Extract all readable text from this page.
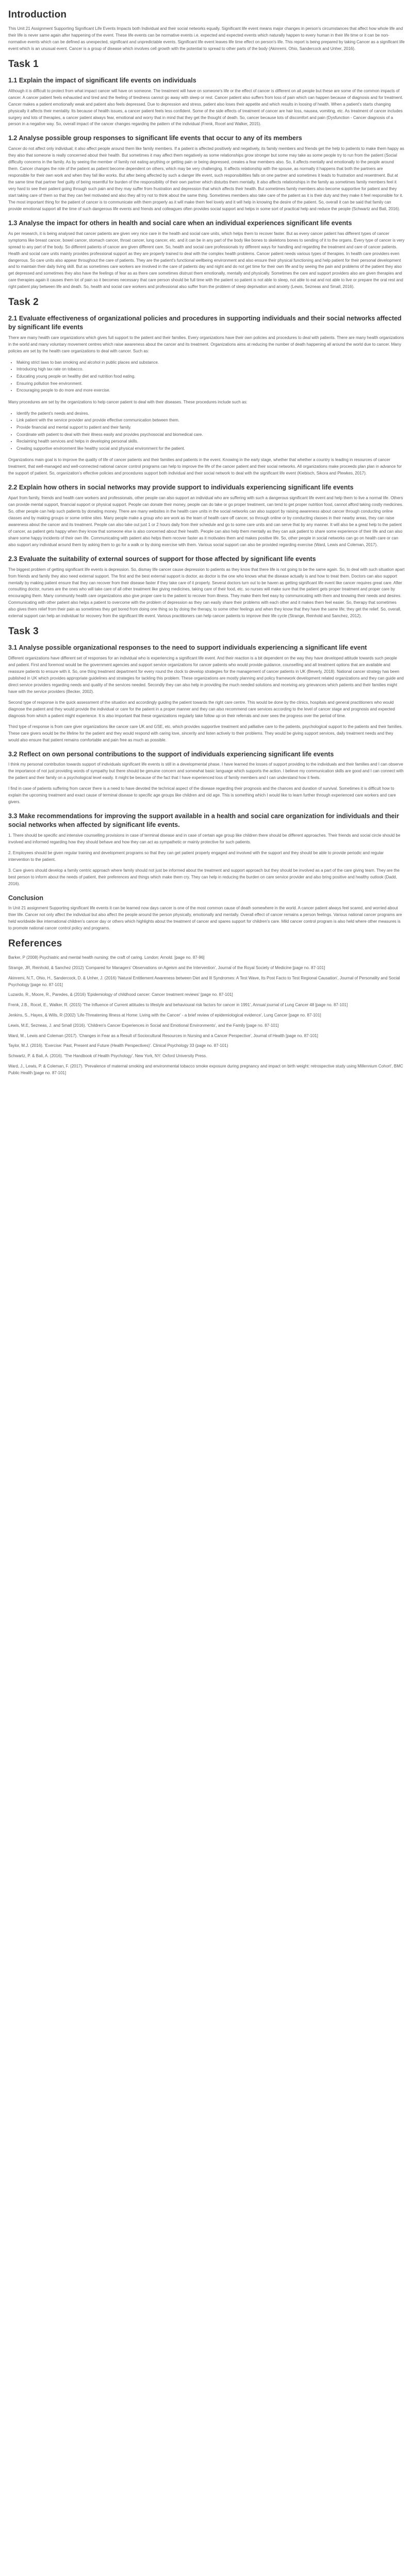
Introduction

This Unit 21 Assignment Supporting Significant Life Events Impacts both Individual and their social networks equally. Significant life event means major changes in person's circumstances that affect how whole life and their life is never same again after happening of the event. These life events can be normative events i.e. expected and expected events which naturally happen to every human in their life time or it can be non-normative events which can be defined as unexpected, significant and unpredictable events. Significant life event leaves life time effect on person's life. This report is being prepared by taking Cancer as a significant life event which is an unusual event. Cancer is a group of disease which involves cell growth with the potential to spread to other parts of the body (Akinremi, Ohio, Sandercock and Unher, 2016).

Task 1
1.1 Explain the impact of significant life events on individuals

Although it is difficult to protect from what impact cancer will have on someone. The treatment will have on someone's life or the effect of cancer is different on all people but these are some of the common impacts of cancer. A cancer patient feels exhausted and tired and the feeling of tiredness cannot go away with sleep or rest. Cancer patient also suffers from loss of pain which can happen because of diagnosis and for treatment. Cancer makes a patient emotionally weak and patient also feels depressed. Due to depression and stress, patient also loses their appetite and which results in loosing of health. When a patient's starts changing physically it affects their mentality. Its because of health issues, a cancer patient feels less confident. Some of the side effects of treatment of cancer are hair loss, nausea, vomiting, etc. As treatment of cancer includes surgery and lots of therapies, a cancer patient always fear, emotional and worry that in mind that they get the thought of death. So, cancer because lots of discomfort and pain (Dysfunction - Cancer diagnosis of a person in a negative way. So, overall impact of the cancer changes regarding the pattern of the individual (Frenk, Rocel and Walker, 2015).

1.2 Analyse possible group responses to significant life events that occur to any of its members

Cancer do not affect only individual; it also affect people around them like family members. If a patient is affected positively and negatively, its family members and friends get the help to patients to make them happy as they also that someone is really concerned about their health. But sometimes it may affect them negatively as some relationships grow stronger but some may take as some people try to run from the patient (Social difficulty concerns in the family. As by seeing the member of family not eating anything or getting pain or being depressed, creates a fear members also. So, it affects mentally and emotionally to the people around them. Cancer changes the role of the patient as patient become dependent on others, which may be very challenging. It affects relationship with the spouse, as normally it happens that both the partners are responsible for their own work and when they fall like works. But after being affected by such a danger life event, such responsibilities falls on one partner and sometimes it leads to frustration and resentment. But at the same time that partner feel guilty of being resentful for burden of the responsibility of their own partner which disturbs them mentally. It also affects relationships in the family as sometimes family members feel it very hard to see their patient going through such pain and they may suffer from frustration and depression that which affects their health. But sometimes family members also become supportive for patient and they start taking care of them so that they can feel motivated and also they all try not to think about the same thing. Sometimes members also take care of the patient as it is their duty and they make it feel responsible for it. The most important thing for the patient of cancer is to communicate with them properly as it will make them feel lovely and it will help in knowing the desire of the patient. So, overall it can be said that family can provide emotional support all the time of such dangerous life events and friends and colleagues often provides social support and helps in some sort of practical help and reduce the people (Schwartz and Bali, 2016).

1.3 Analyse the impact for others in health and social care when an individual experiences significant life events

As per research, it is being analysed that cancer patients are given very nice care in the health and social care units, which helps them to recover faster. But as every cancer patient has different types of cancer symptoms like breast cancer, bowel cancer, stomach cancer, throat cancer, lung cancer, etc. and it can be in any part of the body like bones to skeletons bones to sending of it to the organs. Every type of cancer is very spread to any part of the body. So different patients of cancer are given different care. So, health and social care professionals try different ways for handling and regarding the treatment and care of cancer patients. Health and social care units mainly provides professional support as they are properly trained to deal with the complex health problems. Cancer patient needs various types of therapies. In health care providers even dangerous. So care units also appear throughout the care of patients. They are the patient's functional wellbeing environment and also ensure their physical functioning and help patient for their personal development and to maintain their daily living skill. But as sometimes care workers are involved in the care of patients day and night and do not get time for their own life and by seeing the pain and problems of the patient they also get depressed and sometimes they also have the feelings of fear as as there care sometimes distrust them emotionally, mentally and physically. Sometimes the care and support providers also are given therapies and care therapies again it causes them lot of pain so it becomes necessary that care person should be full time with the patient so patient is not able to sleep, not able to eat and not able to live or prepare the oral rest and right patient play between life and death. So, health and social care workers and professional also suffer from the problem of sleep deprivation and anxiety (Lewis, Sezneas and Small, 2016).

Task 2
2.1 Evaluate effectiveness of organizational policies and procedures in supporting individuals and their social networks affected by significant life events

There are many health care organizations which gives full support to the patient and their families. Every organizations have their own policies and procedures to deal with patients. There are many health organizations in the world and many voluntary movement centres which raise awareness about the cancer and its treatment. Organizations aims at reducing the number of death happening all around the world due to cancer. Many policies are set by the health care organizations to deal with cancer. Such as:

• Making strict laws to ban smoking and alcohol in public places and substance.
• Introducing high tax rate on tobacco.
• Educating young people on healthy diet and nutrition food eating.
• Ensuring pollution free environment.
• Encouraging people to do more and more exercise.

Many procedures are set by the organizations to help cancer patient to deal with their diseases. These procedures include such as:

• Identify the patient's needs and desires.
• Link patient with the service provider and provide effective communication between them.
• Provide financial and mental support to patient and their family.
• Coordinate with patient to deal with their illness easily and provides psychosocial and biomedical care.
• Reclaiming health services and helps in developing personal skills.
• Creating supportive environment like healthy social and physical environment for the patient.

Organizations main goal is to improve the quality of life of cancer patients and their families and patients in the event. Knowing in the early stage, whether that whether a country is leading in resources of cancer treatment, that well-managed and well-connected national cancer control programs can help to improve the life of the cancer patient and their social networks. All organizations make proceeds plan plan in advance for the support of patient. So, organization's effective policies and procedures support both individual and their social network to deal with the significant life event (Kiebisch, Sikora and Plewkes, 2017).

2.2 Explain how others in social networks may provide support to individuals experiencing significant life events

Apart from family, friends and health care workers and professionals, other people can also support an individual who are suffering with such a dangerous significant life event and help them to live a normal life. Others can provide mental support, financial support or physical support. People can donate their money, people can do take or go proper treatment, can tend to get proper nutrition food, cannot afford taking costly medicines. So, other people can help such patients by donating money. There are many websites in the health care units in the social networks can also support by raising awareness about cancer through conducting online classes and by making groups or some online sites. Many people make a group who are work as the team of health care off cancer, so through online or by conducting classes in their nearby areas, they can raise awareness about the cancer and its treatment. People can also take out just 1 or 2 hours daily from their schedule and go to some care units and can serve that by any manner. It will also be a great help to the patient of cancer, as patient gets happy when they know that someone else is also concerned about their health. People can also help them mentally as they can ask patient to share some experience of their life and can also share some happy incidents of their own life. Communicating with patient also helps them recover faster as it motivates them and makes positive life. So, other people in social networks can go on health care or can also support any individual around them by asking them to go for a walk or by doing exercise with them. Various social support can also be provided regarding exercise (Ward, Lewis and Coleman, 2017).

2.3 Evaluate the suitability of external sources of support for those affected by significant life events

The biggest problem of getting significant life events is depression. So, dismay life cancer cause depression to patients as they know that there life is not going to be the same again. So, to deal with such situation apart from friends and family they also need external support. The first and the best external support is doctor, as doctor is the one who knows what the disease actually is and how to treat them. Doctors can also support mentally by making patient ensure that they can recover from their disease faster if they take care of it properly. Several doctors turn out to be haven as getting significant life event like cancer requires great care. After consulting doctor, nurses are the ones who will take care of all other treatment like giving medicines, taking care of their food, etc. so nurses will make sure that the patient gets proper treatment and proper care by encouraging them. Many community health care organizations also give proper care to the patient to recover from illness. They make them feel easy by communicating with them and knowing their needs and desires. Communicating with other patient also helps a patient to overcome with the problem of depression as they can easily share their problems with each other and it makes them feel easier. So, therapy that sometimes also gives them relief from their pain as sometimes they get bored from doing one thing so by doing the therapy, to some other feelings and when they know that they have the same life; they get the relief. So, overall, external support can help an individual for recovery from the significant life event. Various practitioners can help cancer patients to improve their life cycle (Strange, Reinhold and Sanchez, 2012).

Task 3
3.1 Analyse possible organizational responses to the need to support individuals experiencing a significant life event

Different organizations have different set of responses for an individual who is experiencing a significant life event. And their reaction is a bit dependent on the way they have developed attitude towards such people and patient. First and foremost would be the government agencies and support service organizations for cancer patients who would provide guidance, counselling and all treatment options that are available and reassure patients to ensure with it. So, one thing treatment department for every round the clock to develop strategies for the management of cancer patients in UK (Beverly, 2018). National cancer strategy has been published in UK which provides appropriate guidelines and strategies for tackling this problem. These organizations are mostly planning and policy framework development related organizations and they can guide and direct service providers regarding needs and quality of the services needed. Secondly they can also help in providing the much needed solutions and receiving any grievances which patients and their families might have with the service providers (Becker, 2002).

Second type of response is the quick assessment of the situation and accordingly guiding the patient towards the right care centre. This would be done by the clinics, hospitals and general practitioners who would diagnose the patient and they would provide the individual or care for the patient in a proper manner and they can also recommend care services according to the level of cancer stage and prognosis and expected diagnosis from which a patient might experience. It is also important that these organizations regularly take follow up on their referrals and over sees the progress over the period of time.

Third type of response is from care giver organizations like cancer care UK and GSE, etc. which provides supportive treatment and palliative care to the patients, psychological support to the patients and their families. These care givers would be the lifeline for the patient and they would respond with caring love, sincerity and listen actively to their problems. They would be giving support services, daily treatment needs and they would also ensure that patient remains comfortable and pain free as much as possible.

3.2 Reflect on own personal contributions to the support of individuals experiencing significant life events

I think my personal contribution towards support of individuals significant life events is still in a developmental phase. I have learned the losses of support providing to the individuals and their families and I can observe the importance of not just providing words of sympathy but there should be genuine concern and somewhat basic language which supports the action. I believe my communication skills are good and I can connect with the patient and their family on a psychological level easily. It might be because of the fact that I have experienced loss of family members and I can understand how it feels.

I find in case of patients suffering from cancer there is a need to have devoted the technical aspect of the disease regarding their prognosis and the chances and duration of survival. Sometimes it is difficult how to explain the upcoming treatment and exact cause of terminal disease to specific age groups like children and old age. This is something which I would like to learn further through experienced care workers and care givers.

3.3 Make recommendations for improving the support available in a health and social care organization for individuals and their social networks when affected by significant life events.

1. There should be specific and intensive counselling provisions in case of terminal disease and in case of certain age group like children there should be different approaches. Their friends and social circle should be involved and informed regarding how they should behave and how they can act as sympathetic or mainly protective for such patients.

2. Employees should be given regular training and development programs so that they can get patient properly engaged and involved with the support and they should be able to provide periodic and regular intervention to the patient.

3. Care givers should develop a family centric approach where family should not just be informed about the treatment and support approach but they should be involved as a part of the care giving team. They are the best person to inform about the needs of patient, their preferences and things which make them cry. They can help in reducing the burden on care service provider and also bring positive and healthy outlook (Dadd, 2016).

Conclusion

In Unit 21 assignment Supporting significant life events it can be learned now days cancer is one of the most common cause of death somewhere in the world. A cancer patient always feel scared, and worried about thier life. Cancer not only affect the individual but also affect the people around the person physically, emotionally and mentally. Overall effect of cancer remains a person feelings. Various national cancer programs are held worldwide like international children's cancer day or others which highlights about the treatment of cancer and spares support for children's care. Mild cancer control program is also held where other measures is to promote national cancer control policy and programs.

References

Barker, P (2008) Psychiatric and mental health nursing: the craft of caring. London: Arnold. [page no. 87-96]

Strange, JR, Reinhold, & Sanchez (2012) 'Compared for Managers' Observations on Ageism and the Intervention', Journal of the Royal Society of Medicine [page no. 87-101]

Akinremi, N.T., Ohio, H., Sandercock, D. & Unher, J. (2016) 'Natural Entitlement Awareness between Diet and Ill Syndromes: A Test Wave, Its Post Facto to Test Regional Causation', Journal of Personality and Social Psychology [page no. 87-101]

Luzardo, R., Moore, R., Paredes, & (2016) 'Epidemiology of childhood cancer: Cancer treatment reviews' [page no. 87-101]

Frenk, J.B., Rocel, E., Walker, R. (2015) 'The Influence of Current attitudes to lifestyle and behavioural risk factors for cancer in 1991', Annual journal of Lung Cancer 48 [page no. 87-101]

Jenkins, S., Hayes, & Wills, R (2002) 'Life-Threatening Illness at Home: Living with the Cancer' - a brief review of epidemiological evidence', Lung Cancer [page no. 87-101]

Lewis, M.E, Sezneas, J. and Small (2016). 'Children's Cancer Experiences in Social and Emotional Environments', and the Family [page no. 87-101]

Ward, M., Lewis and Coleman (2017). 'Changes in Fear as a Result of Sociocultural Resources in Nursing and a Cancer Perspective', Journal of Health [page no. 87-101]

Taylor, M.J. (2016). 'Exercise: Past, Present and Future (Health Perspectives)'. Clinical Psychology 33 (page no. 87-101)

Schwartz, P. & Bali, A. (2016). 'The Handbook of Health Psychology'. New York, NY: Oxford University Press.

Ward, J., Lewis, P. & Coleman, F. (2017). 'Prevalence of maternal smoking and environmental tobacco smoke exposure during pregnancy and impact on birth weight: retrospective study using Millennium Cohort', BMC Public Health [page no. 87-101]
